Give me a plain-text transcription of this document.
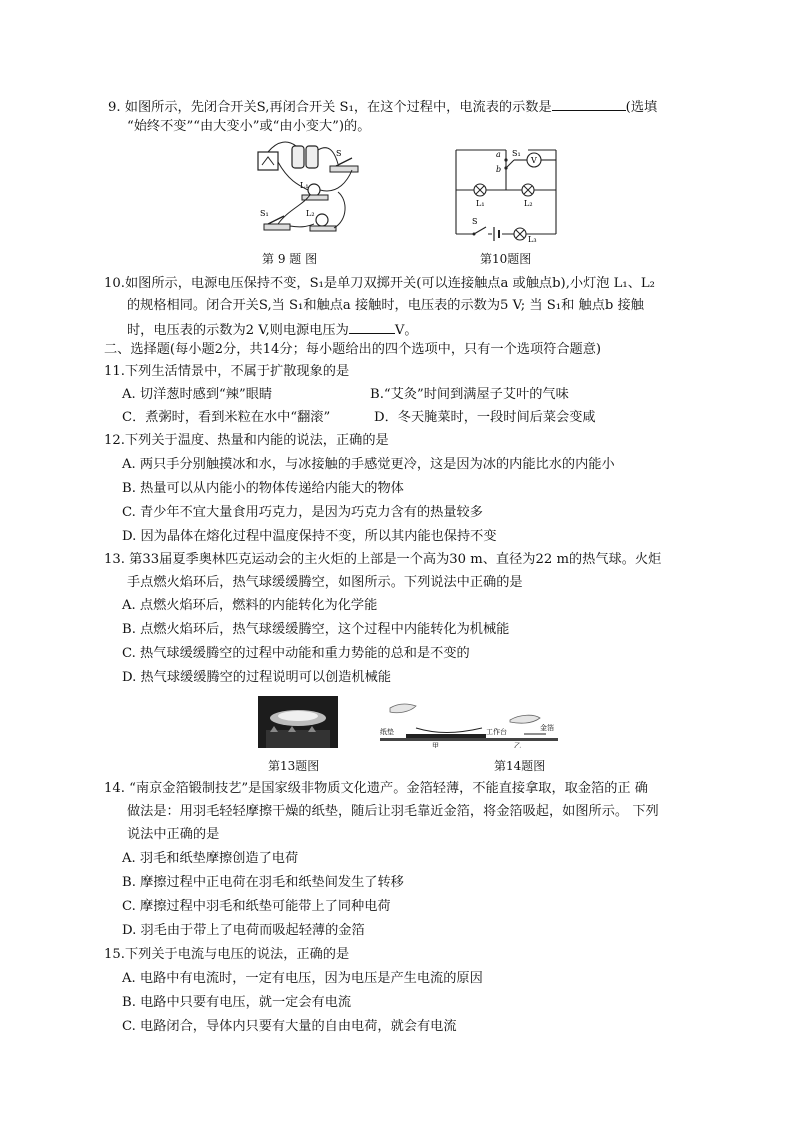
9. 如图所示，先闭合开关S,再闭合开关 S₁，在这个过程中，电流表的示数是	(选填
“始终不变”“由大变小”或“由小变大”)的。
S
L₁
S₁	L₂
第 9 题 图
a
b
S₁
V
L₁	L₂
S
L₃
第10题图
10.如图所示，电源电压保持不变，S₁是单刀双掷开关(可以连接触点a 或触点b),小灯泡 L₁、L₂
的规格相同。闭合开关S,当 S₁和触点a 接触时，电压表的示数为5 V; 当 S₁和 触点b 接触
时，电压表的示数为2 V,则电源电压为	V。
二、选择题(每小题2分，共14分；每小题给出的四个选项中，只有一个选项符合题意)
11.下列生活情景中，不属于扩散现象的是
A. 切洋葱时感到“辣”眼睛	B.“艾灸”时间到满屋子艾叶的气味
C．煮粥时，看到米粒在水中“翻滚”	D．冬天腌菜时，一段时间后菜会变咸
12.下列关于温度、热量和内能的说法，正确的是
A. 两只手分别触摸冰和水，与冰接触的手感觉更冷，这是因为冰的内能比水的内能小
B. 热量可以从内能小的物体传递给内能大的物体
C. 青少年不宜大量食用巧克力，是因为巧克力含有的热量较多
D. 因为晶体在熔化过程中温度保持不变，所以其内能也保持不变
13. 第33届夏季奥林匹克运动会的主火炬的上部是一个高为30 m、直径为22 m的热气球。火炬
手点燃火焰环后，热气球缓缓腾空，如图所示。下列说法中正确的是
A. 点燃火焰环后，燃料的内能转化为化学能
B. 点燃火焰环后，热气球缓缓腾空，这个过程中内能转化为机械能
C. 热气球缓缓腾空的过程中动能和重力势能的总和是不变的
D. 热气球缓缓腾空的过程说明可以创造机械能
第13题图
纸垫
甲
工作台	金箔
乙
第14题图
14. “南京金箔锻制技艺”是国家级非物质文化遗产。金箔轻薄，不能直接拿取，取金箔的正 确
做法是：用羽毛轻轻摩擦干燥的纸垫，随后让羽毛靠近金箔，将金箔吸起，如图所示。 下列
说法中正确的是
A. 羽毛和纸垫摩擦创造了电荷
B. 摩擦过程中正电荷在羽毛和纸垫间发生了转移
C. 摩擦过程中羽毛和纸垫可能带上了同种电荷
D. 羽毛由于带上了电荷而吸起轻薄的金箔
15.下列关于电流与电压的说法，正确的是
A. 电路中有电流时，一定有电压，因为电压是产生电流的原因
B. 电路中只要有电压，就一定会有电流
C. 电路闭合，导体内只要有大量的自由电荷，就会有电流
